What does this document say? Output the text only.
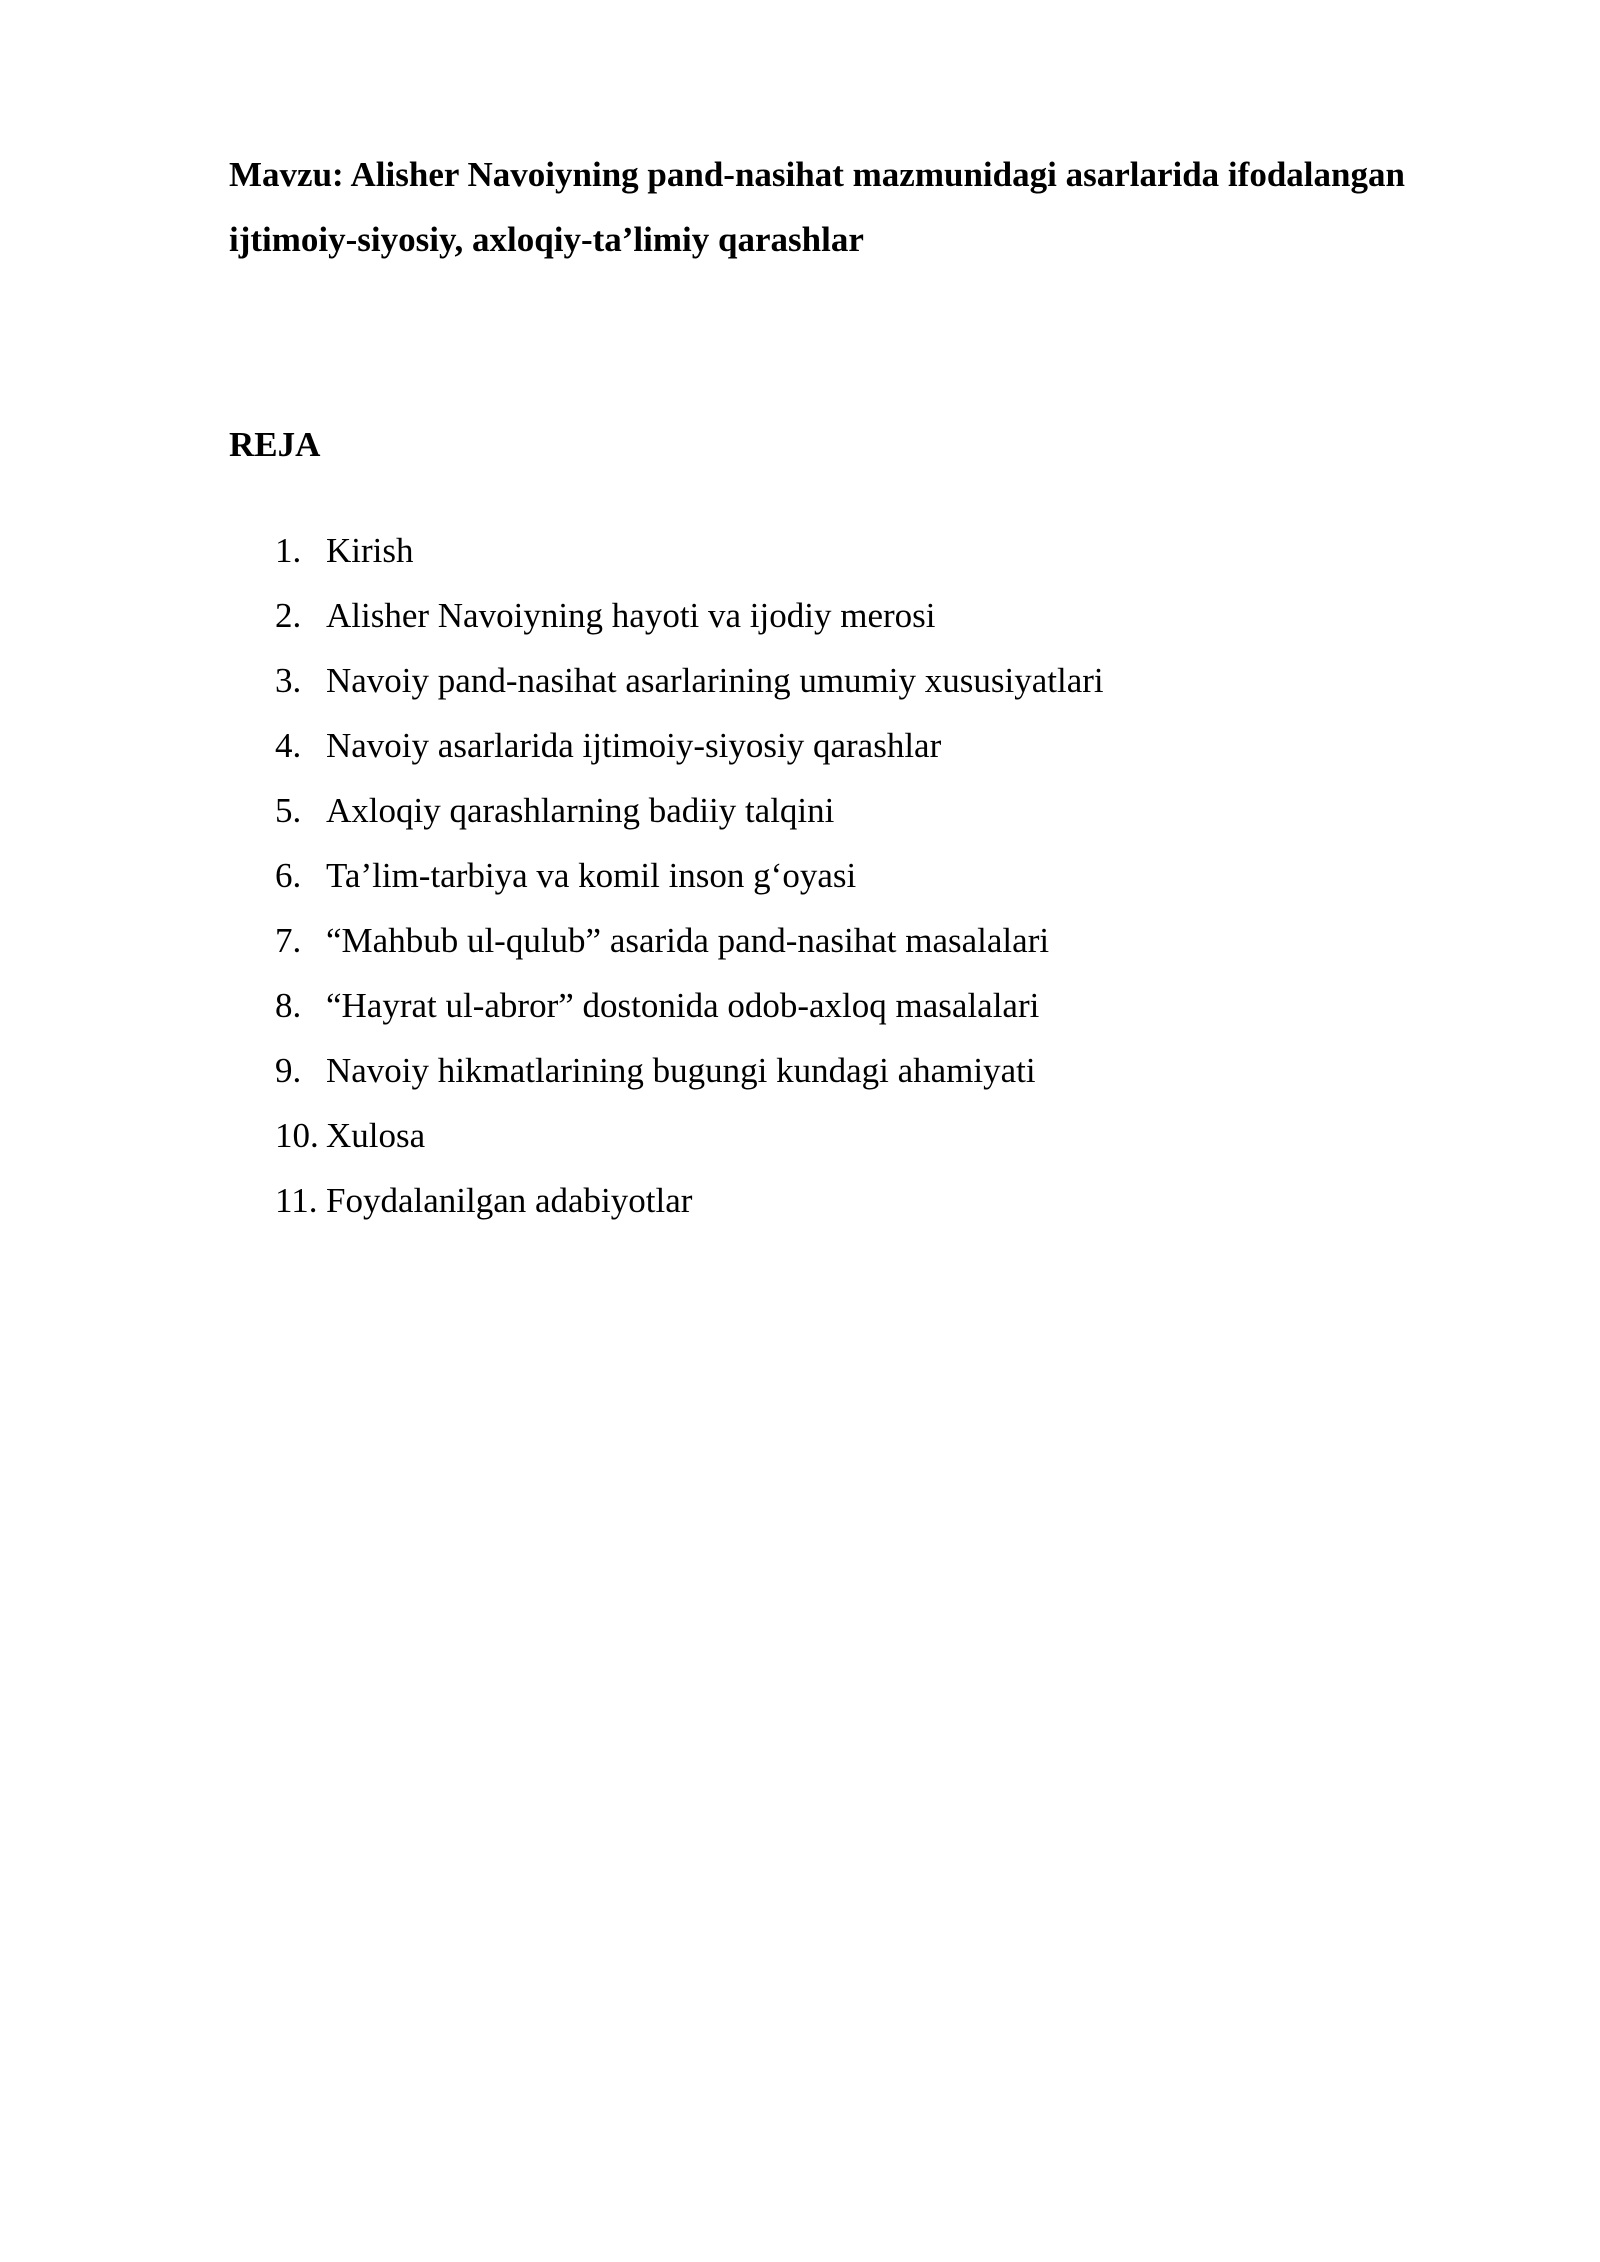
Mavzu: Alisher Navoiyning pand-nasihat mazmunidagi asarlarida ifodalangan
ijtimoiy-siyosiy, axloqiy-ta’limiy qarashlar
REJA
1. Kirish
2. Alisher Navoiyning hayoti va ijodiy merosi
3. Navoiy pand-nasihat asarlarining umumiy xususiyatlari
4. Navoiy asarlarida ijtimoiy-siyosiy qarashlar
5. Axloqiy qarashlarning badiiy talqini
6. Ta’lim-tarbiya va komil inson g‘oyasi
7. “Mahbub ul-qulub” asarida pand-nasihat masalalari
8. “Hayrat ul-abror” dostonida odob-axloq masalalari
9. Navoiy hikmatlarining bugungi kundagi ahamiyati
10. Xulosa
11. Foydalanilgan adabiyotlar
